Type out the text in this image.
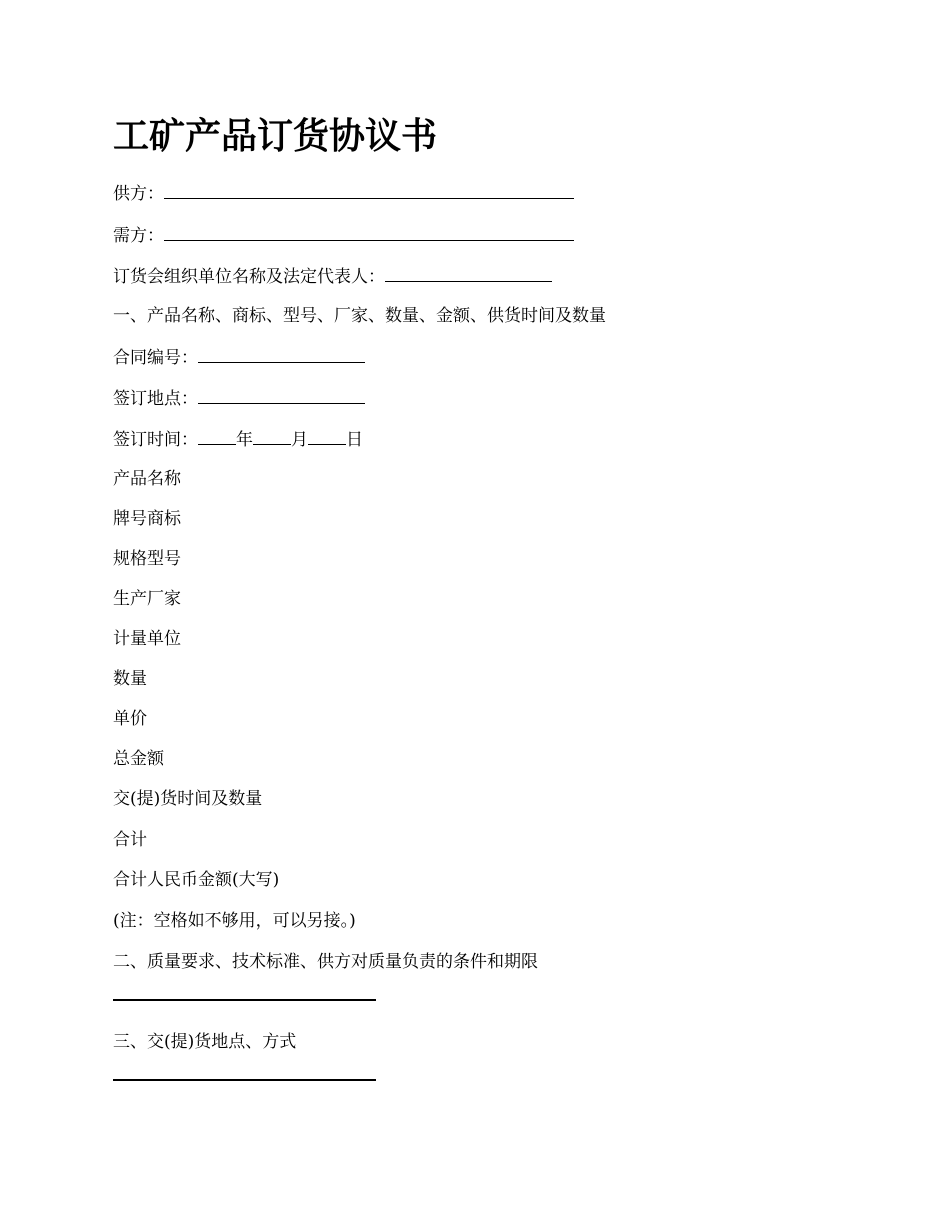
工矿产品订货协议书
供方：
需方：
订货会组织单位名称及法定代表人：
一、产品名称、商标、型号、厂家、数量、金额、供货时间及数量
合同编号：
签订地点：
签订时间： 年 月 日
产品名称
牌号商标
规格型号
生产厂家
计量单位
数量
单价
总金额
交(提)货时间及数量
合计
合计人民币金额(大写)
(注：空格如不够用，可以另接。)
二、质量要求、技术标准、供方对质量负责的条件和期限
三、交(提)货地点、方式
